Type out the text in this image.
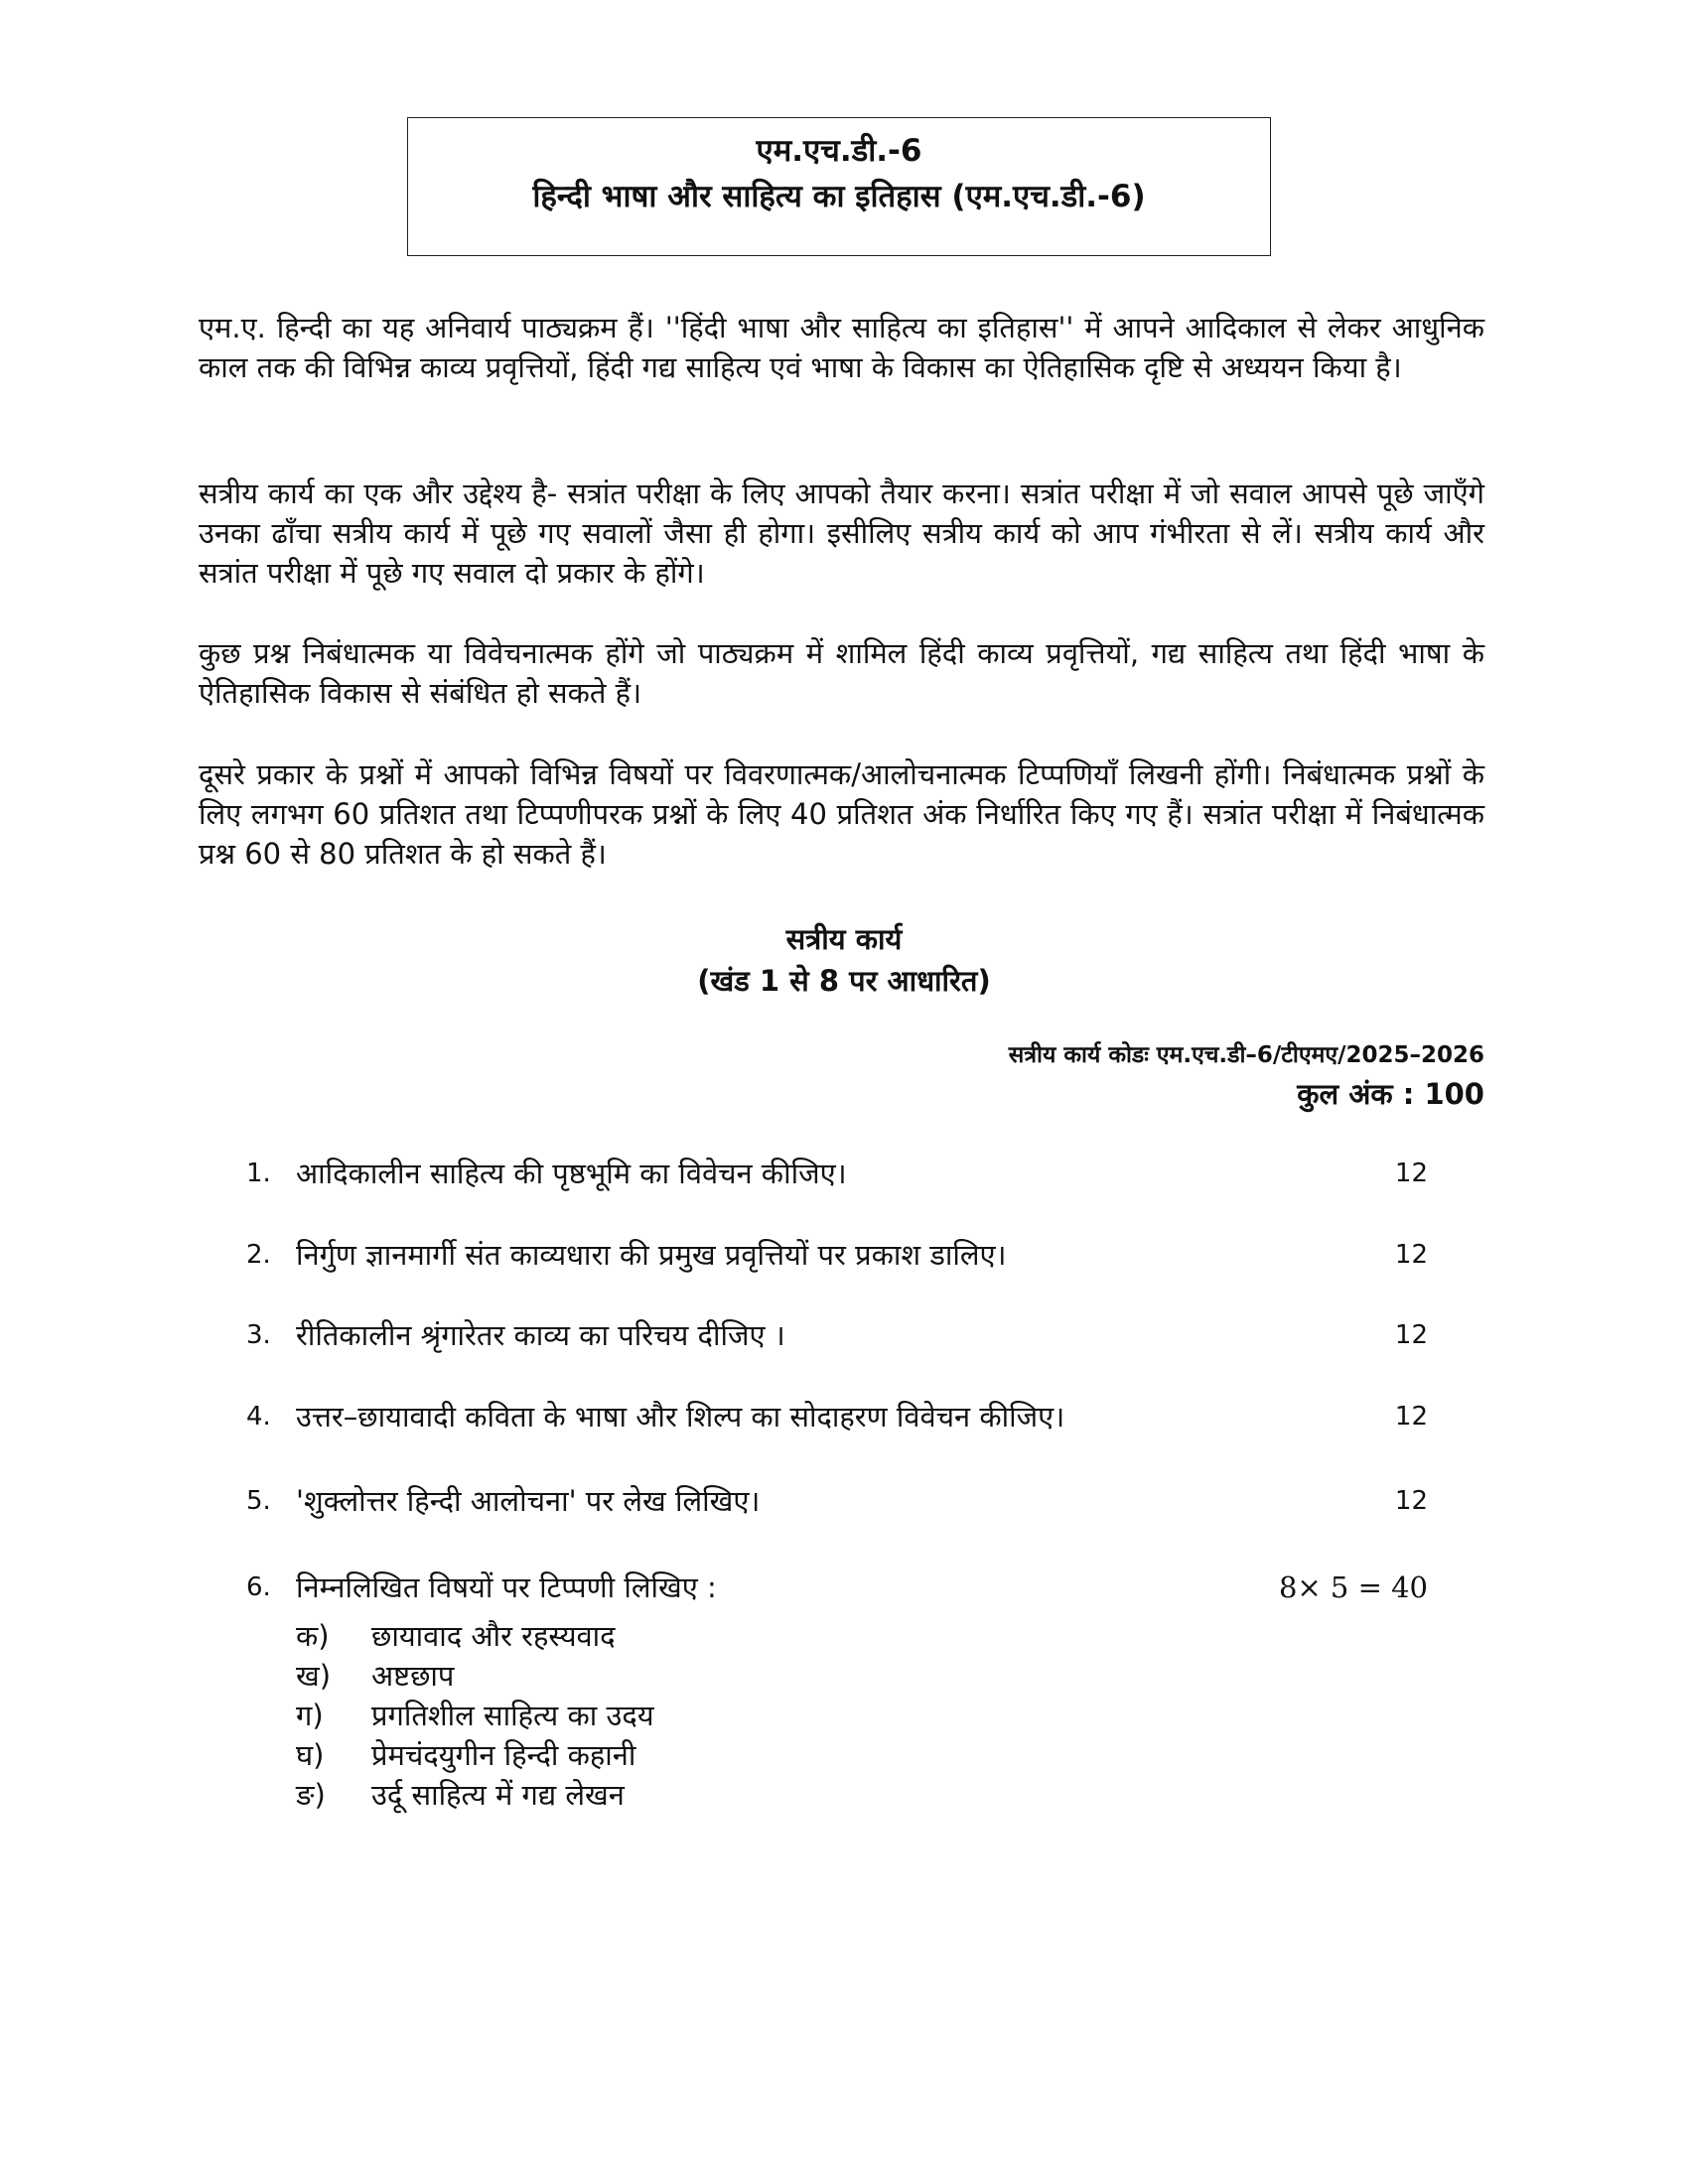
एम.एच.डी.-6
हिन्दी भाषा और साहित्य का इतिहास (एम.एच.डी.-6)
एम.ए. हिन्दी का यह अनिवार्य पाठ्यक्रम हैं। ''हिंदी भाषा और साहित्य का इतिहास'' में आपने आदिकाल से लेकर आधुनिक काल तक की विभिन्न काव्य प्रवृत्तियों, हिंदी गद्य साहित्य एवं भाषा के विकास का ऐतिहासिक दृष्टि से अध्ययन किया है।
सत्रीय कार्य का एक और उद्देश्य है- सत्रांत परीक्षा के लिए आपको तैयार करना। सत्रांत परीक्षा में जो सवाल आपसे पूछे जाएँगे उनका ढाँचा सत्रीय कार्य में पूछे गए सवालों जैसा ही होगा। इसीलिए सत्रीय कार्य को आप गंभीरता से लें। सत्रीय कार्य और सत्रांत परीक्षा में पूछे गए सवाल दो प्रकार के होंगे।
कुछ प्रश्न निबंधात्मक या विवेचनात्मक होंगे जो पाठ्यक्रम में शामिल हिंदी काव्य प्रवृत्तियों, गद्य साहित्य तथा हिंदी भाषा के ऐतिहासिक विकास से संबंधित हो सकते हैं।
दूसरे प्रकार के प्रश्नों में आपको विभिन्न विषयों पर विवरणात्मक/आलोचनात्मक टिप्पणियाँ लिखनी होंगी। निबंधात्मक प्रश्नों के लिए लगभग 60 प्रतिशत तथा टिप्पणीपरक प्रश्नों के लिए 40 प्रतिशत अंक निर्धारित किए गए हैं। सत्रांत परीक्षा में निबंधात्मक प्रश्न 60 से 80 प्रतिशत के हो सकते हैं।
सत्रीय कार्य
(खंड 1 से 8 पर आधारित)
सत्रीय कार्य कोडः एम.एच.डी–6/टीएमए/2025–2026
कुल अंक : 100
1. आदिकालीन साहित्य की पृष्ठभूमि का विवेचन कीजिए।	12
2. निर्गुण ज्ञानमार्गी संत काव्यधारा की प्रमुख प्रवृत्तियों पर प्रकाश डालिए।	12
3. रीतिकालीन श्रृंगारेतर काव्य का परिचय दीजिए ।	12
4. उत्तर–छायावादी कविता के भाषा और शिल्प का सोदाहरण विवेचन कीजिए।	12
5. 'शुक्लोत्तर हिन्दी आलोचना' पर लेख लिखिए।	12
6. निम्नलिखित विषयों पर टिप्पणी लिखिए :	8× 5 = 40
क) छायावाद और रहस्यवाद
ख) अष्टछाप
ग) प्रगतिशील साहित्य का उदय
घ) प्रेमचंदयुगीन हिन्दी कहानी
ङ) उर्दू साहित्य में गद्य लेखन
